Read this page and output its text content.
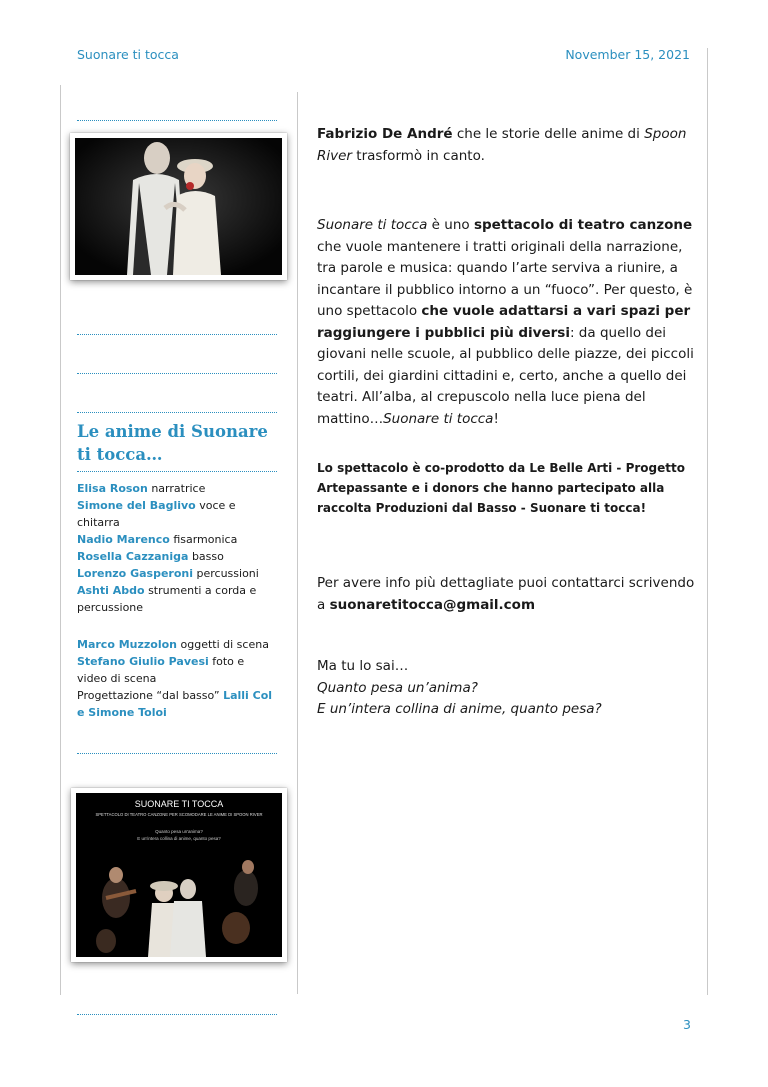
Suonare ti tocca	November 15, 2021
Le anime di Suonare ti tocca…

Elisa Roson narratrice

Simone del Baglivo voce e chitarra

Nadio Marenco fisarmonica

Rosella Cazzaniga basso

Lorenzo Gasperoni percussioni

Ashti Abdo strumenti a corda e percussione

Marco Muzzolon oggetti di scena

Stefano Giulio Pavesi foto e video di scena

Progettazione “dal basso” Lalli Col e Simone Toloi

SUONARE TI TOCCA
SPETTACOLO DI TEATRO CANZONE PER SCOMODARE LE ANIME DI SPOON RIVER
Quanto pesa un'anima?
E un'intera collina di anime, quanto pesa?

Fabrizio De André che le storie delle anime di Spoon River trasformò in canto.

Suonare ti tocca è uno spettacolo di teatro canzone che vuole mantenere i tratti originali della narrazione, tra parole e musica: quando l’arte serviva a riunire, a incantare il pubblico intorno a un “fuoco”. Per questo, è uno spettacolo che vuole adattarsi a vari spazi per raggiungere i pubblici più diversi: da quello dei giovani nelle scuole, al pubblico delle piazze, dei piccoli cortili, dei giardini cittadini e, certo, anche a quello dei teatri. All’alba, al crepuscolo nella luce piena del mattino…Suonare ti tocca!

Lo spettacolo è co-prodotto da Le Belle Arti - Progetto Artepassante e i donors che hanno partecipato alla raccolta Produzioni dal Basso - Suonare ti tocca!

Per avere info più dettagliate puoi contattarci scrivendo a suonaretitocca@gmail.com

Ma tu lo sai…

Quanto pesa un’anima?

E un’intera collina di anime, quanto pesa?

3
